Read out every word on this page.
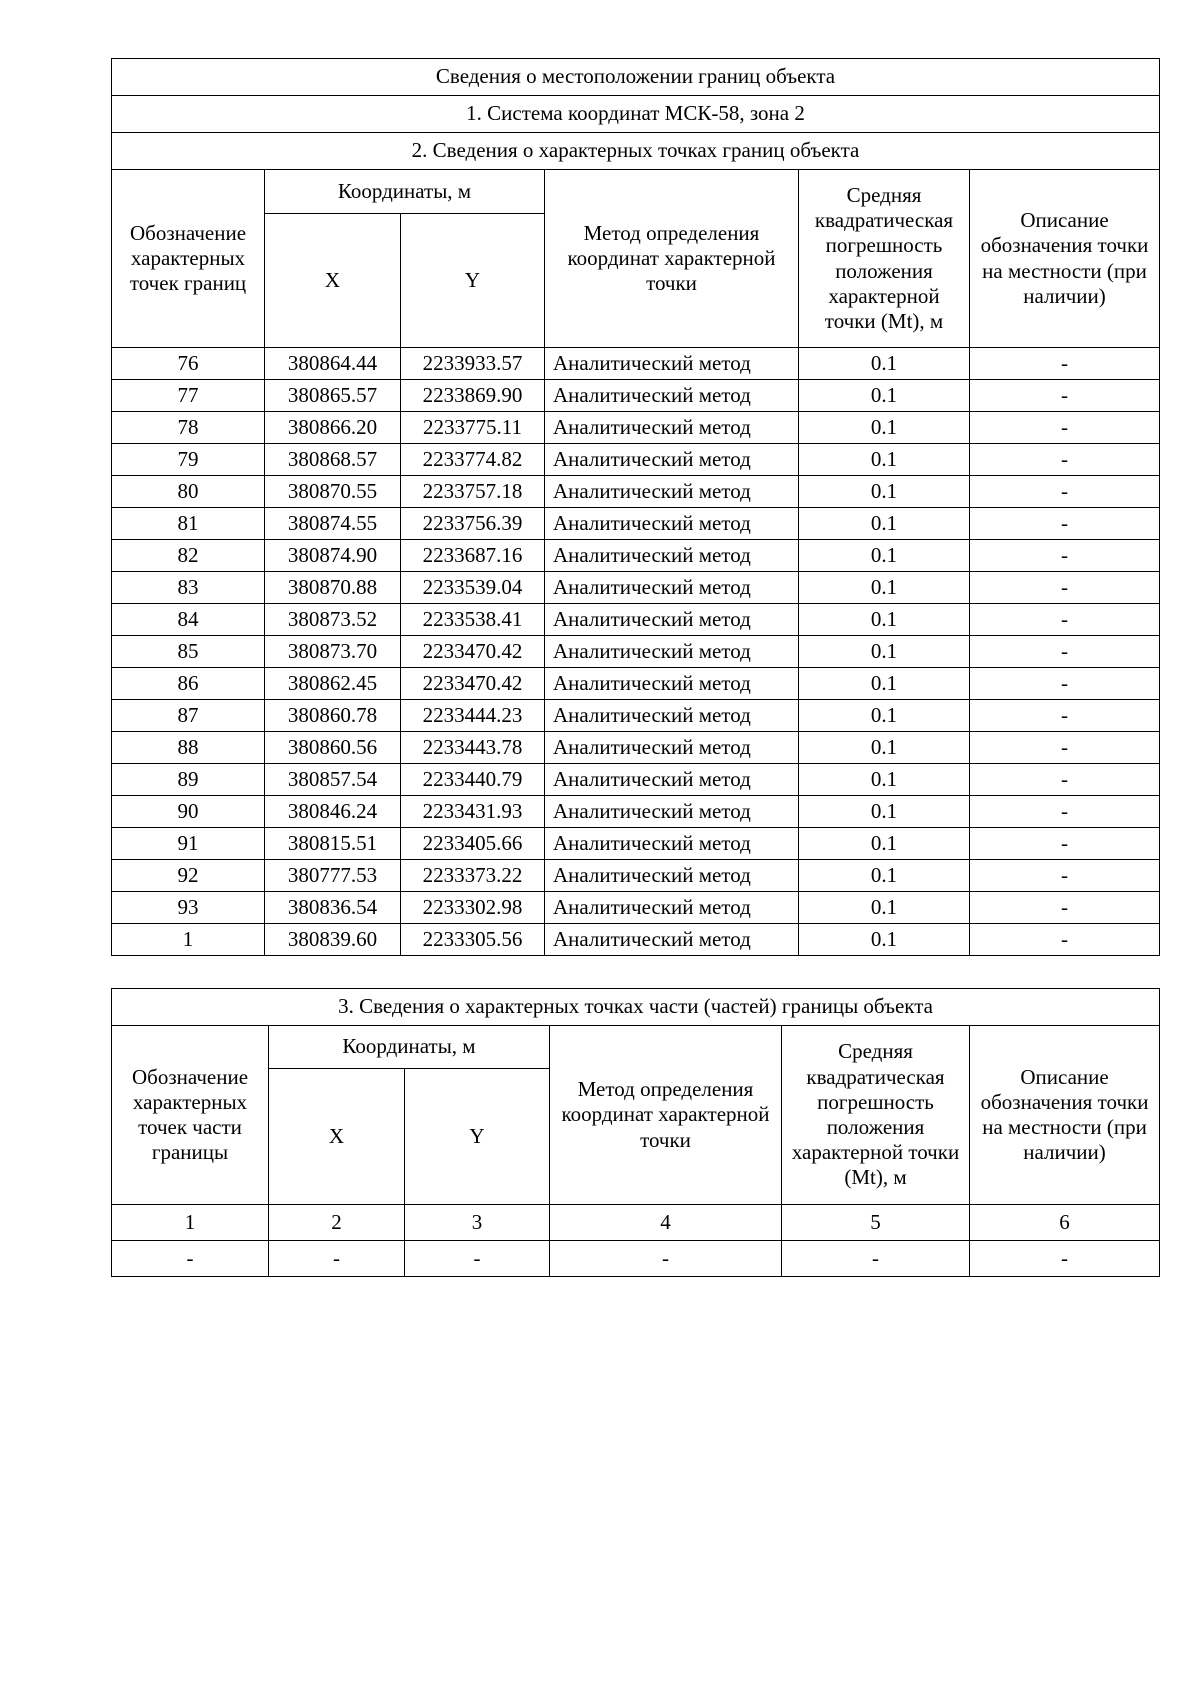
Сведения о местоположении границ объекта					
1. Система координат МСК-58, зона 2					
2. Сведения о характерных точках границ объекта					
Обозначение характерных точек границ	Координаты, м		Метод определения координат характерной точки	Средняя квадратическая погрешность положения характерной точки (Mt), м	Описание обозначения точки на местности (при наличии)
	X	Y			
76	380864.44	2233933.57	Аналитический метод	0.1	-
77	380865.57	2233869.90	Аналитический метод	0.1	-
78	380866.20	2233775.11	Аналитический метод	0.1	-
79	380868.57	2233774.82	Аналитический метод	0.1	-
80	380870.55	2233757.18	Аналитический метод	0.1	-
81	380874.55	2233756.39	Аналитический метод	0.1	-
82	380874.90	2233687.16	Аналитический метод	0.1	-
83	380870.88	2233539.04	Аналитический метод	0.1	-
84	380873.52	2233538.41	Аналитический метод	0.1	-
85	380873.70	2233470.42	Аналитический метод	0.1	-
86	380862.45	2233470.42	Аналитический метод	0.1	-
87	380860.78	2233444.23	Аналитический метод	0.1	-
88	380860.56	2233443.78	Аналитический метод	0.1	-
89	380857.54	2233440.79	Аналитический метод	0.1	-
90	380846.24	2233431.93	Аналитический метод	0.1	-
91	380815.51	2233405.66	Аналитический метод	0.1	-
92	380777.53	2233373.22	Аналитический метод	0.1	-
93	380836.54	2233302.98	Аналитический метод	0.1	-
1	380839.60	2233305.56	Аналитический метод	0.1	-
3. Сведения о характерных точках части (частей) границы объекта					
Обозначение характерных точек части границы	Координаты, м		Метод определения координат характерной точки	Средняя квадратическая погрешность положения характерной точки (Mt), м	Описание обозначения точки на местности (при наличии)
	X	Y			
1	2	3	4	5	6
-	-	-	-	-	-
